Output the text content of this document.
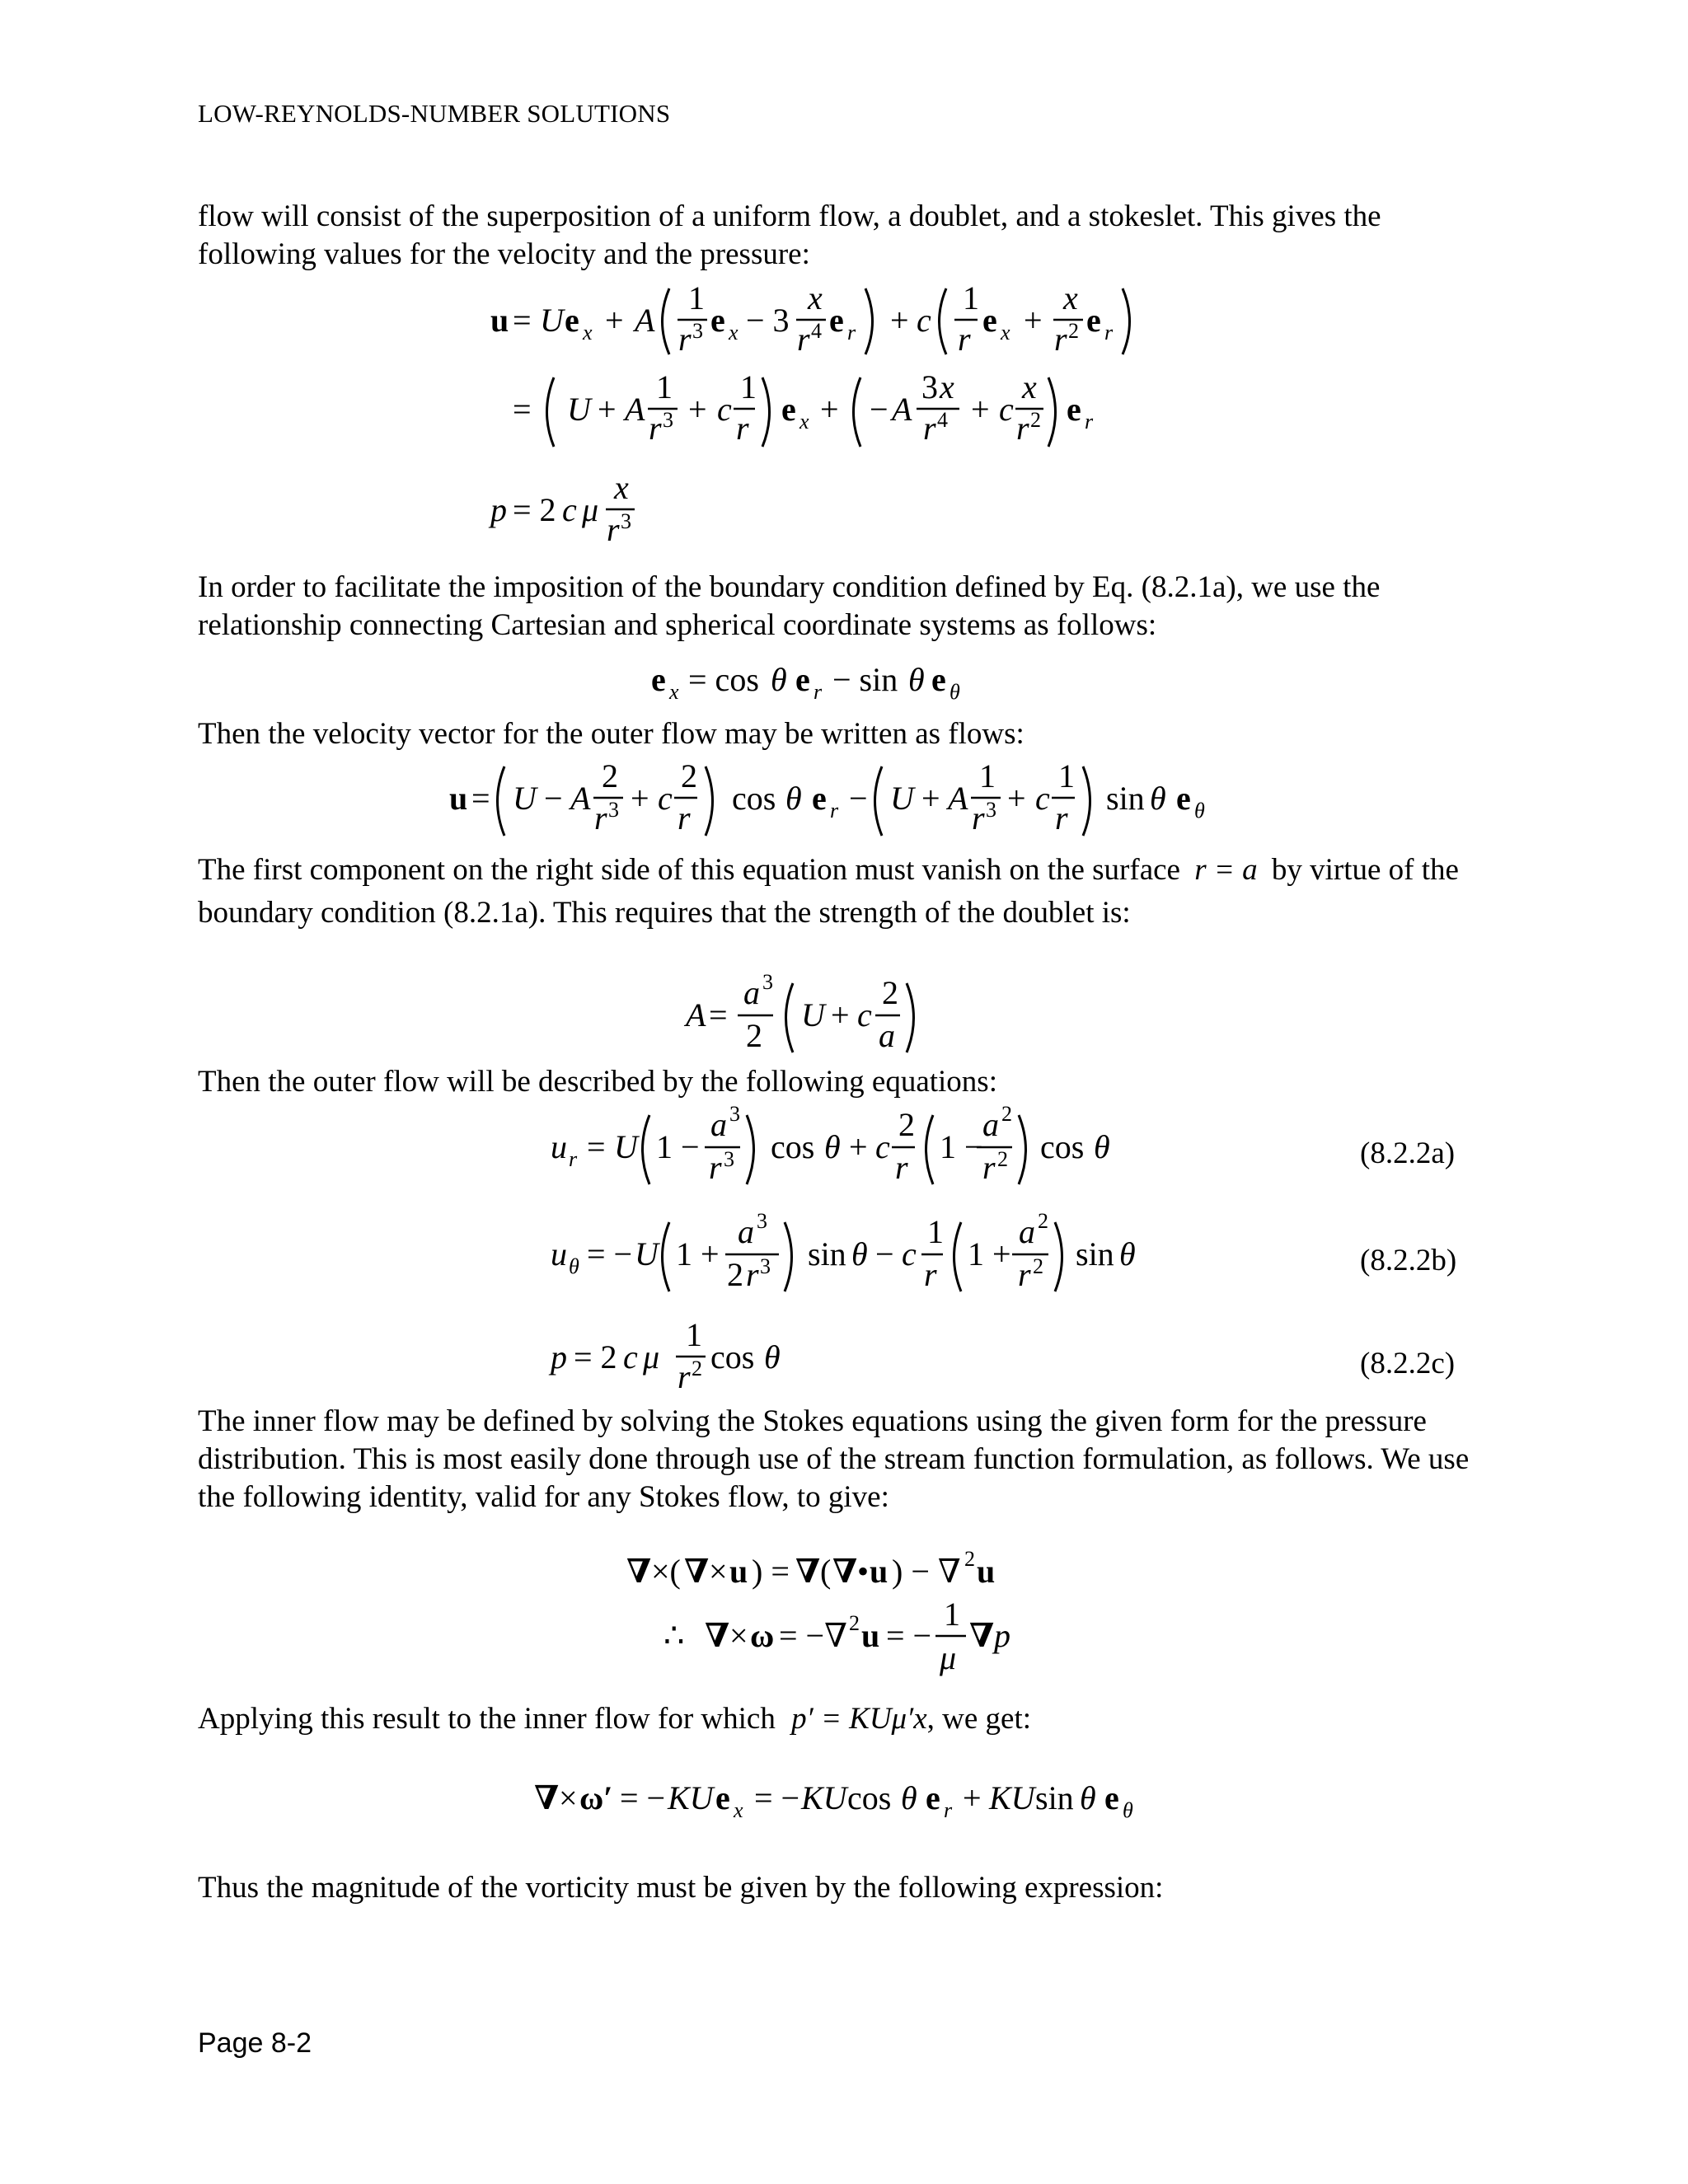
LOW-REYNOLDS-NUMBER SOLUTIONS
flow will consist of the superposition of a uniform flow, a doublet, and a stokeslet. This gives the following values for the velocity and the pressure:
u = U e x + A
1
r 3 e x − 3
x
r 4 e r + c
1
r
e x +
x
r 2 e r
= U + A
1
r 3 + c
1
r
e x + − A
3 x
r 4 + c
x
r 2 e r
p = 2 c μ
x
r 3
e x = cos θ e r − sin θ e θ
u = U − A
2
r 3 + c
2
r
cos θ e r − U + A
1
r 3 + c
1
r
sin θ e θ
A =
a 3
2
U + c
2
a
u r = U 1 −
a 3
r 3 cos θ + c
2
r
1 −
a 2
r 2 cos θ
u θ = − U 1 +
a 3
2 r 3 sin θ − c
1
r
1 +
a 2
r 2 sin θ
p = 2 c μ
1
r 2 cos θ
∇ ×( ∇ × u ) = ∇ ( ∇ • u ) − ∇ 2 u
∴ ∇ × ω = −∇ 2 u = −
1
μ
∇ p
∇ × ω′ = − KU e x = − KU cos θ e r + KU sin θ e θ
In order to facilitate the imposition of the boundary condition defined by Eq. (8.2.1a), we use the relationship connecting Cartesian and spherical coordinate systems as follows:
Then the velocity vector for the outer flow may be written as flows:
The first component on the right side of this equation must vanish on the surface r = a by virtue of the boundary condition (8.2.1a). This requires that the strength of the doublet is:
Then the outer flow will be described by the following equations:
(8.2.2a)
(8.2.2b)
(8.2.2c)
The inner flow may be defined by solving the Stokes equations using the given form for the pressure distribution. This is most easily done through use of the stream function formulation, as follows. We use the following identity, valid for any Stokes flow, to give:
Applying this result to the inner flow for which p′ = KUμ′x, we get:
Thus the magnitude of the vorticity must be given by the following expression:
Page 8-2
